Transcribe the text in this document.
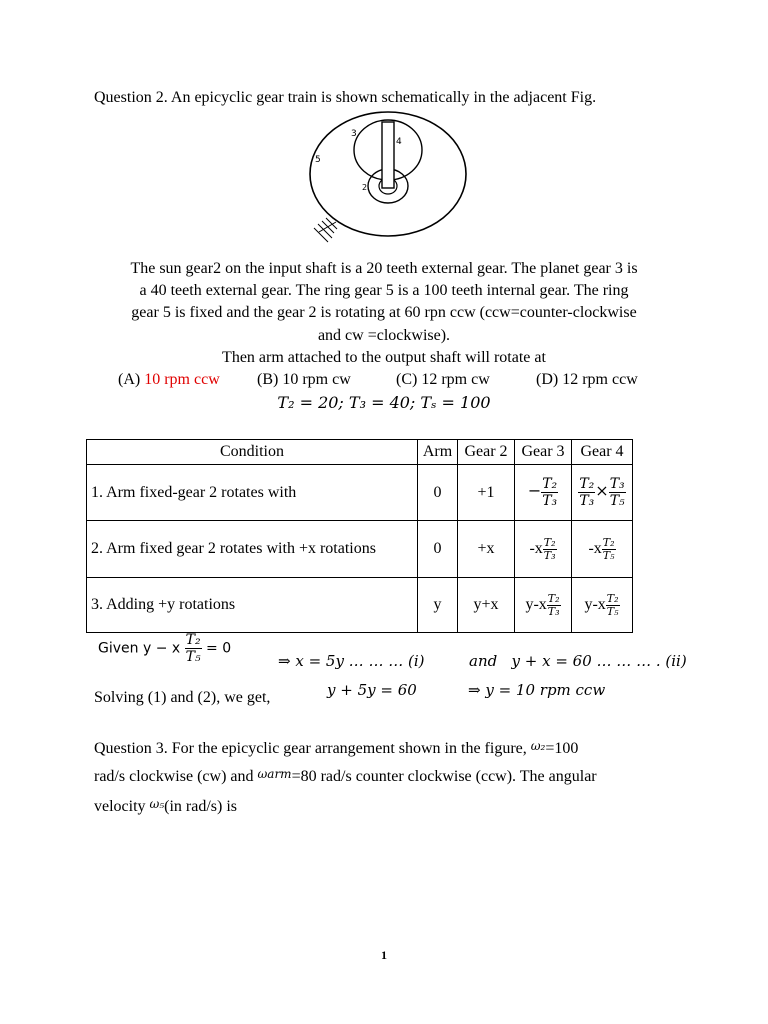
Question 2. An epicyclic gear train is shown schematically in the adjacent Fig.
3
4
5
2
The sun gear2 on the input shaft is a 20 teeth external gear. The planet gear 3 is
a 40 teeth external gear. The ring gear 5 is a 100 teeth internal gear. The ring
gear 5 is fixed and the gear 2 is rotating at 60 rpn ccw (ccw=counter-clockwise
and cw =clockwise).
Then arm attached to the output shaft will rotate at
(A) 10 rpm ccw (B) 10 rpm cw	(C) 12 rpm cw	(D) 12 rpm ccw
T₂ = 20; T₃ = 40; Tₛ = 100
Condition	Arm	Gear 2	Gear 3	Gear 4
1. Arm fixed-gear 2 rotates with	0	+1	− $\frac{\text{T₂}}{\text{T₃}}$	$\frac{\text{T₂}}{\text{T₃}} \times \frac{\text{T₃}}{\text{T₅}}$

2. Arm fixed gear 2 rotates with +x rotations	0	+x	$-x \frac{\text{T₂}}{\text{T₃}}$	$-x \frac{\text{T₂}}{\text{T₅}}$

3. Adding +y rotations	y	y+x	$y-x \frac{\text{T₂}}{\text{T₃}}$	$y-x \frac{\text{T₂}}{\text{T₅}}$
Given y − x $\frac{\text{T₂}}{\text{T₅}} = 0$
⇒ x = 5y … … … (i)	and y + x = 60 … … … . (ii)
Solving (1) and (2), we get,	y + 5y = 60	⇒ y = 10 rpm ccw
Question 3. For the epicyclic gear arrangement shown in the figure, ω₂=100
rad/s clockwise (cw) and ωarm=80 rad/s counter clockwise (ccw). The angular
velocity ω₅(in rad/s) is
1
